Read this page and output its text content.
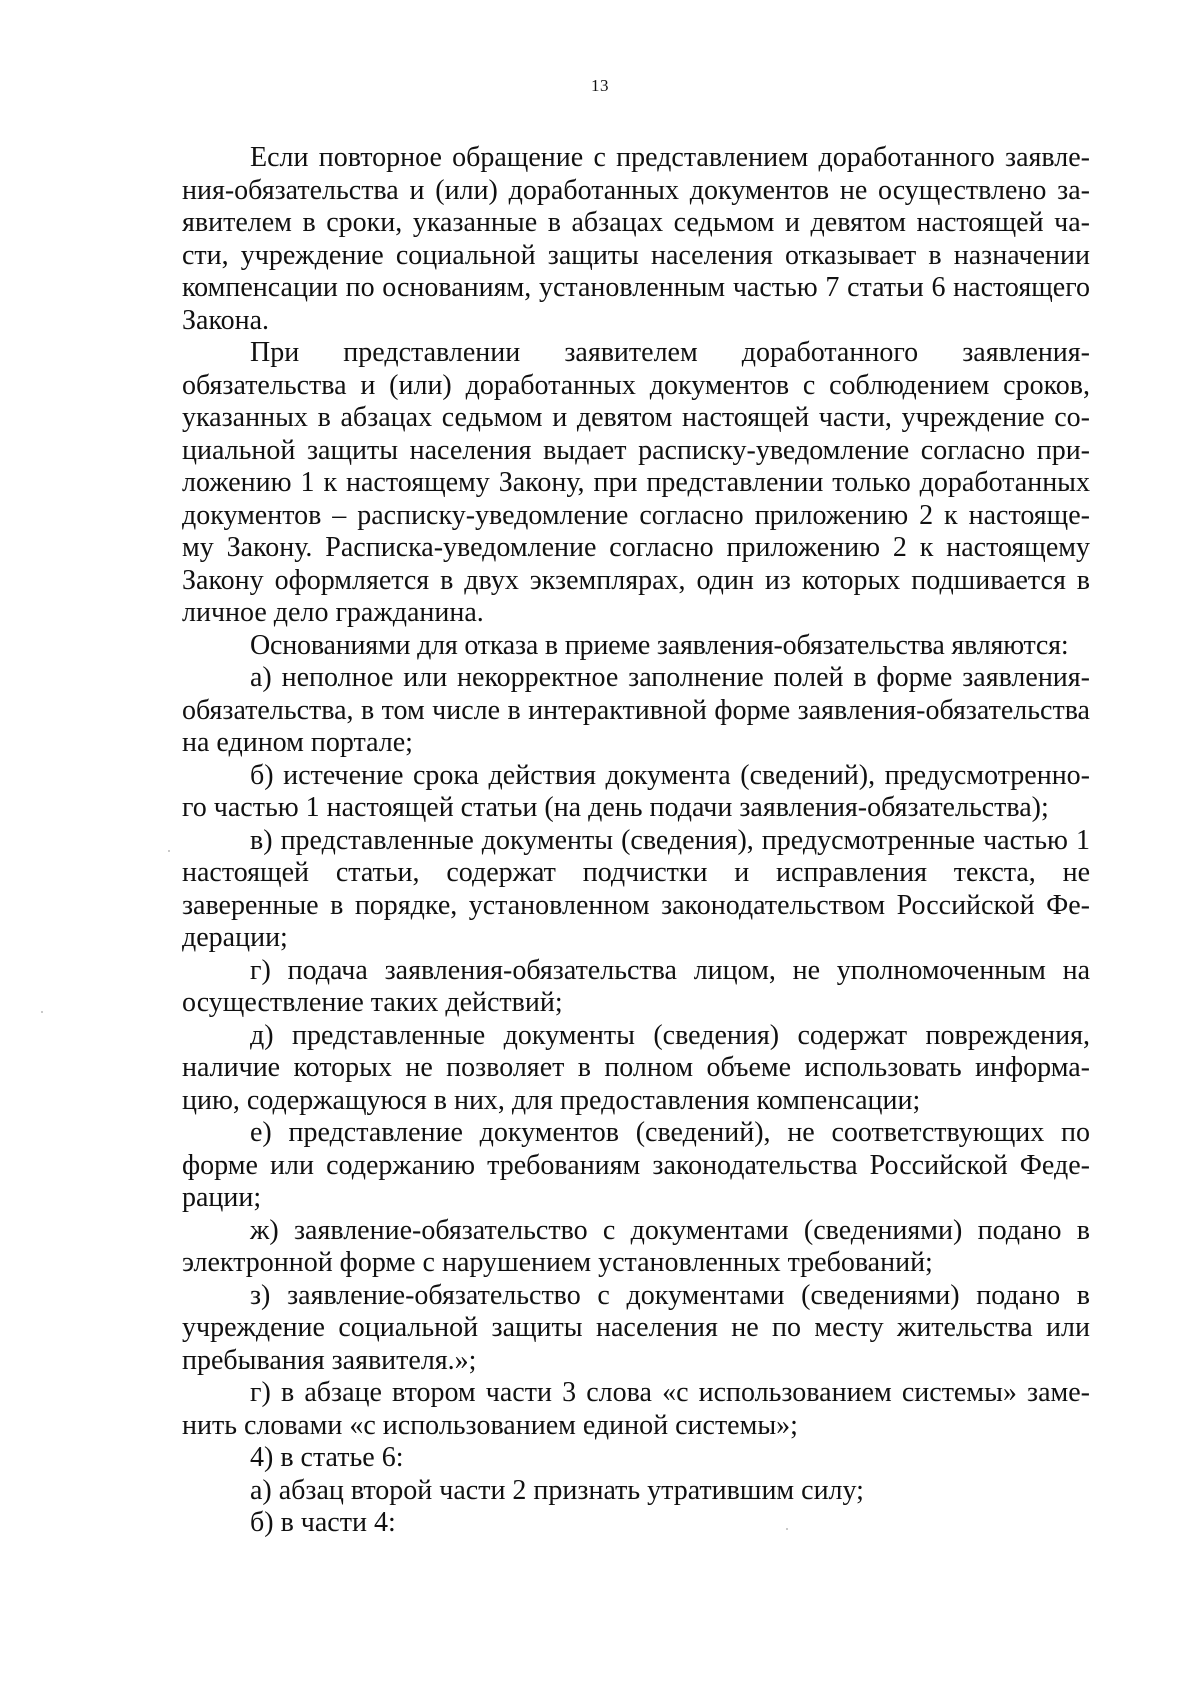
13

Если повторное обращение с представлением доработанного заявле-ния-обязательства и (или) доработанных документов не осуществлено за-явителем в сроки, указанные в абзацах седьмом и девятом настоящей ча-сти, учреждение социальной защиты населения отказывает в назначении компенсации по основаниям, установленным частью 7 статьи 6 настоящего Закона.

При представлении заявителем доработанного заявления-обязательства и (или) доработанных документов с соблюдением сроков, указанных в абзацах седьмом и девятом настоящей части, учреждение со-циальной защиты населения выдает расписку-уведомление согласно при-ложению 1 к настоящему Закону, при представлении только доработанных документов – расписку-уведомление согласно приложению 2 к настояще-му Закону. Расписка-уведомление согласно приложению 2 к настоящему Закону оформляется в двух экземплярах, один из которых подшивается в личное дело гражданина.

Основаниями для отказа в приеме заявления-обязательства являются:

а) неполное или некорректное заполнение полей в форме заявления-обязательства, в том числе в интерактивной форме заявления-обязательства на едином портале;

б) истечение срока действия документа (сведений), предусмотренно-го частью 1 настоящей статьи (на день подачи заявления-обязательства);

в) представленные документы (сведения), предусмотренные частью 1 настоящей статьи, содержат подчистки и исправления текста, не заверенные в порядке, установленном законодательством Российской Фе-дерации;

г) подача заявления-обязательства лицом, не уполномоченным на осуществление таких действий;

д) представленные документы (сведения) содержат повреждения, наличие которых не позволяет в полном объеме использовать информа-цию, содержащуюся в них, для предоставления компенсации;

е) представление документов (сведений), не соответствующих по форме или содержанию требованиям законодательства Российской Феде-рации;

ж) заявление-обязательство с документами (сведениями) подано в электронной форме с нарушением установленных требований;

з) заявление-обязательство с документами (сведениями) подано в учреждение социальной защиты населения не по месту жительства или пребывания заявителя.»;

г) в абзаце втором части 3 слова «с использованием системы» заме-нить словами «с использованием единой системы»;

4) в статье 6:

а) абзац второй части 2 признать утратившим силу;

б) в части 4:
